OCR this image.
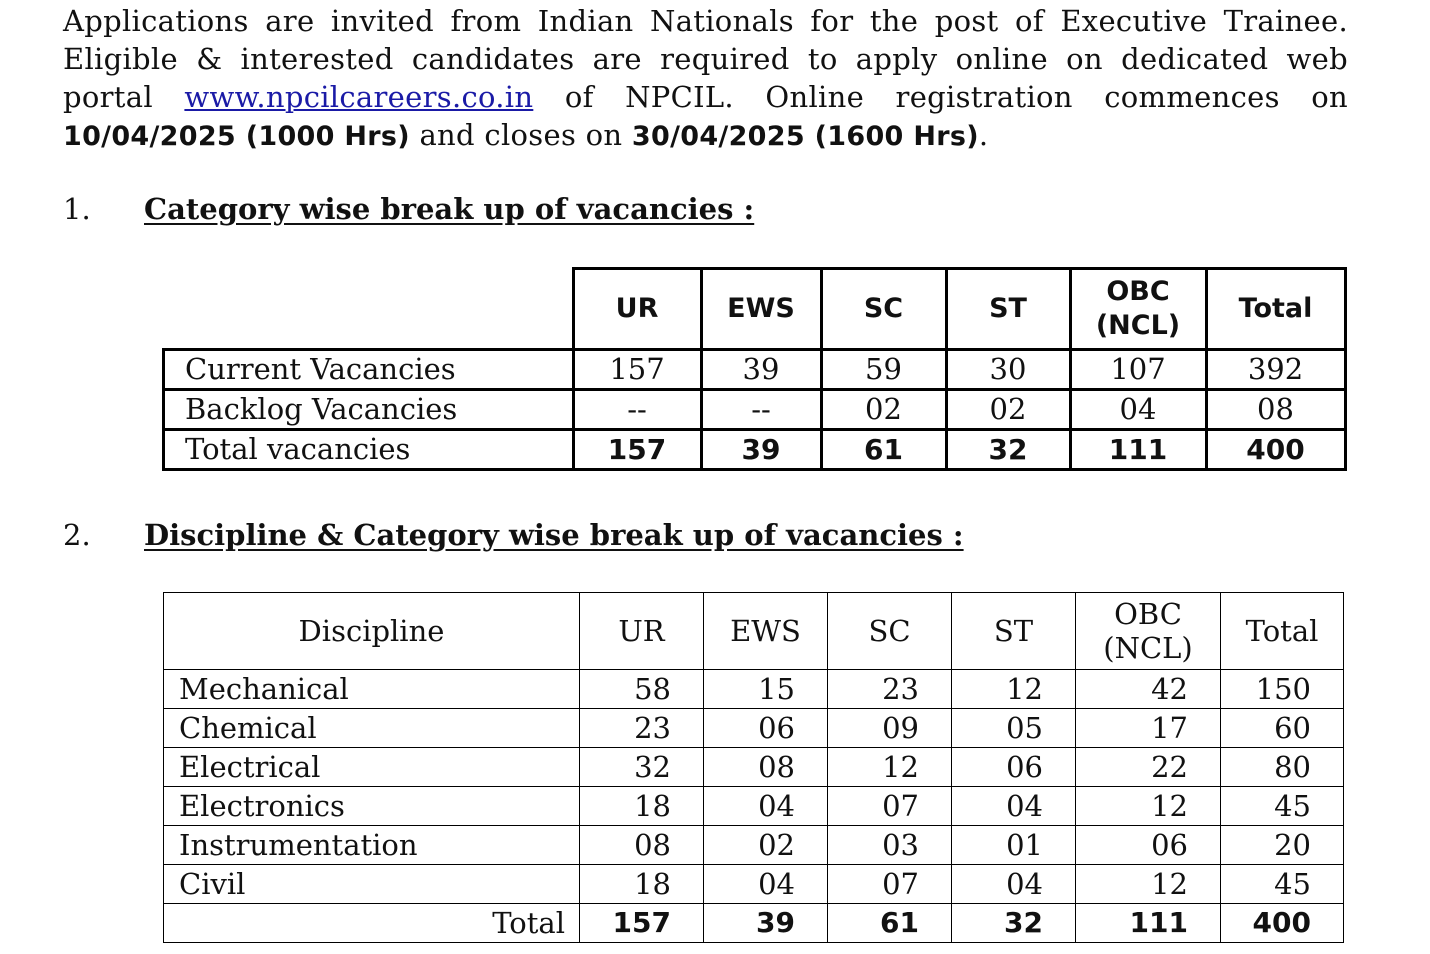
Applications are invited from Indian Nationals for the post of Executive Trainee.
Eligible & interested candidates are required to apply online on dedicated web
portal www.npcilcareers.co.in of NPCIL. Online registration commences on
10/04/2025 (1000 Hrs) and closes on 30/04/2025 (1600 Hrs).
1. Category wise break up of vacancies :
	UR	EWS	SC	ST	OBC (NCL)	Total
Current Vacancies	157	39	59	30	107	392
Backlog Vacancies	--	--	02	02	04	08
Total vacancies	157	39	61	32	111	400
2. Discipline & Category wise break up of vacancies :
Discipline	UR	EWS	SC	ST	OBC (NCL)	Total
Mechanical	58	15	23	12	42	150
Chemical	23	06	09	05	17	60
Electrical	32	08	12	06	22	80
Electronics	18	04	07	04	12	45
Instrumentation	08	02	03	01	06	20
Civil	18	04	07	04	12	45
Total	157	39	61	32	111	400
